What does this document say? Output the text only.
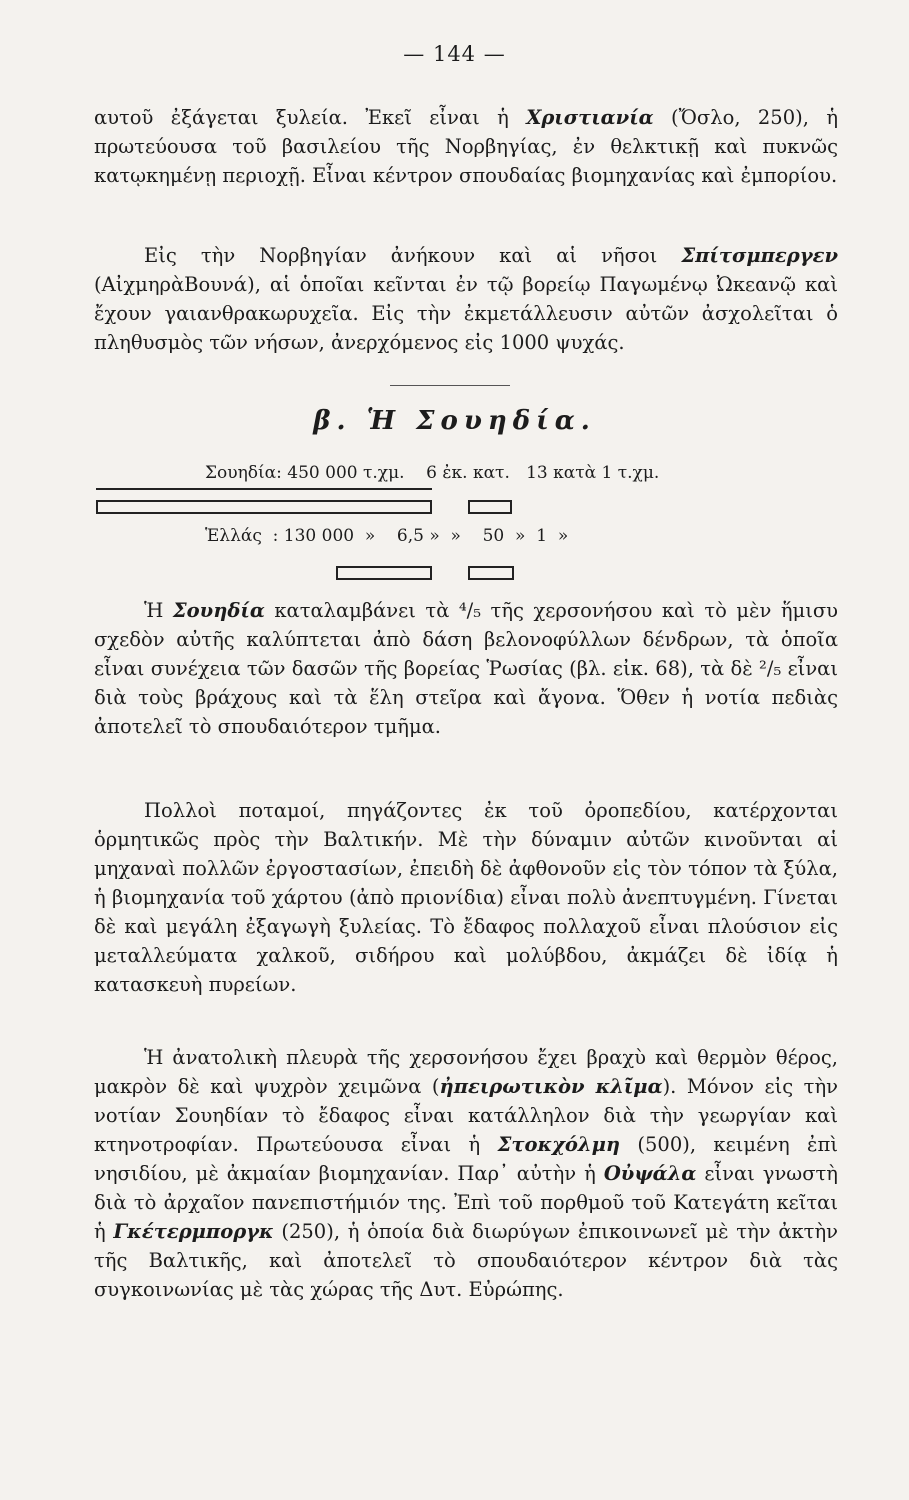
— 144 —

αυτοῦ ἐξάγεται ξυλεία. Ἐκεῖ εἶναι ἡ Χριστιανία (Ὄσλο, 250), ἡ πρωτεύουσα τοῦ βασιλείου τῆς Νορβηγίας, ἐν θελκτικῇ καὶ πυκνῶς κατῳκημένῃ περιοχῇ. Εἶναι κέντρον σπουδαίας βιομηχανίας καὶ ἐμπορίου.

Εἰς τὴν Νορβηγίαν ἀνήκουν καὶ αἱ νῆσοι Σπίτσμπεργεν (ΑἰχμηρὰΒουνά), αἱ ὁποῖαι κεῖνται ἐν τῷ βορείῳ Παγωμένῳ Ὠκεανῷ καὶ ἔχουν γαιανθρακωρυχεῖα. Εἰς τὴν ἐκμετάλλευσιν αὐτῶν ἀσχολεῖται ὁ πληθυσμὸς τῶν νήσων, ἀνερχόμενος εἰς 1000 ψυχάς.

β. Ἡ Σουηδία.
Σουηδία: 450 000 τ.χμ.    6 ἐκ. κατ.   13 κατὰ 1 τ.χμ.
Ἑλλάς  : 130 000  »    6,5 »  »    50  »  1  »

Ἡ Σουηδία καταλαμβάνει τὰ ⁴/₅ τῆς χερσονήσου καὶ τὸ μὲν ἥμισυ σχεδὸν αὐτῆς καλύπτεται ἀπὸ δάση βελονοφύλλων δένδρων, τὰ ὁποῖα εἶναι συνέχεια τῶν δασῶν τῆς βορείας Ῥωσίας (βλ. εἰκ. 68), τὰ δὲ ²/₅ εἶναι διὰ τοὺς βράχους καὶ τὰ ἕλη στεῖρα καὶ ἄγονα. Ὅθεν ἡ νοτία πεδιὰς ἀποτελεῖ τὸ σπουδαιότερον τμῆμα.

Πολλοὶ ποταμοί, πηγάζοντες ἐκ τοῦ ὀροπεδίου, κατέρχονται ὁρμητικῶς πρὸς τὴν Βαλτικήν. Μὲ τὴν δύναμιν αὐτῶν κινοῦνται αἱ μηχαναὶ πολλῶν ἐργοστασίων, ἐπειδὴ δὲ ἀφθονοῦν εἰς τὸν τόπον τὰ ξύλα, ἡ βιομηχανία τοῦ χάρτου (ἀπὸ πριονίδια) εἶναι πολὺ ἀνεπτυγμένη. Γίνεται δὲ καὶ μεγάλη ἐξαγωγὴ ξυλείας. Τὸ ἔδαφος πολλαχοῦ εἶναι πλούσιον εἰς μεταλλεύματα χαλκοῦ, σιδήρου καὶ μολύβδου, ἀκμάζει δὲ ἰδίᾳ ἡ κατασκευὴ πυρείων.

Ἡ ἀνατολικὴ πλευρὰ τῆς χερσονήσου ἔχει βραχὺ καὶ θερμὸν θέρος, μακρὸν δὲ καὶ ψυχρὸν χειμῶνα (ἠπειρωτικὸν κλῖμα). Μόνον εἰς τὴν νοτίαν Σουηδίαν τὸ ἔδαφος εἶναι κατάλληλον διὰ τὴν γεωργίαν καὶ κτηνοτροφίαν. Πρωτεύουσα εἶναι ἡ Στοκχόλμη (500), κειμένη ἐπὶ νησιδίου, μὲ ἀκμαίαν βιομηχανίαν. Παρ᾽ αὐτὴν ἡ Οὐψάλα εἶναι γνωστὴ διὰ τὸ ἀρχαῖον πανεπιστήμιόν της. Ἐπὶ τοῦ πορθμοῦ τοῦ Κατεγάτη κεῖται ἡ Γκέτερμποργκ (250), ἡ ὁποία διὰ διωρύγων ἐπικοινωνεῖ μὲ τὴν ἀκτὴν τῆς Βαλτικῆς, καὶ ἀποτελεῖ τὸ σπουδαιότερον κέντρον διὰ τὰς συγκοινωνίας μὲ τὰς χώρας τῆς Δυτ. Εὐρώπης.
